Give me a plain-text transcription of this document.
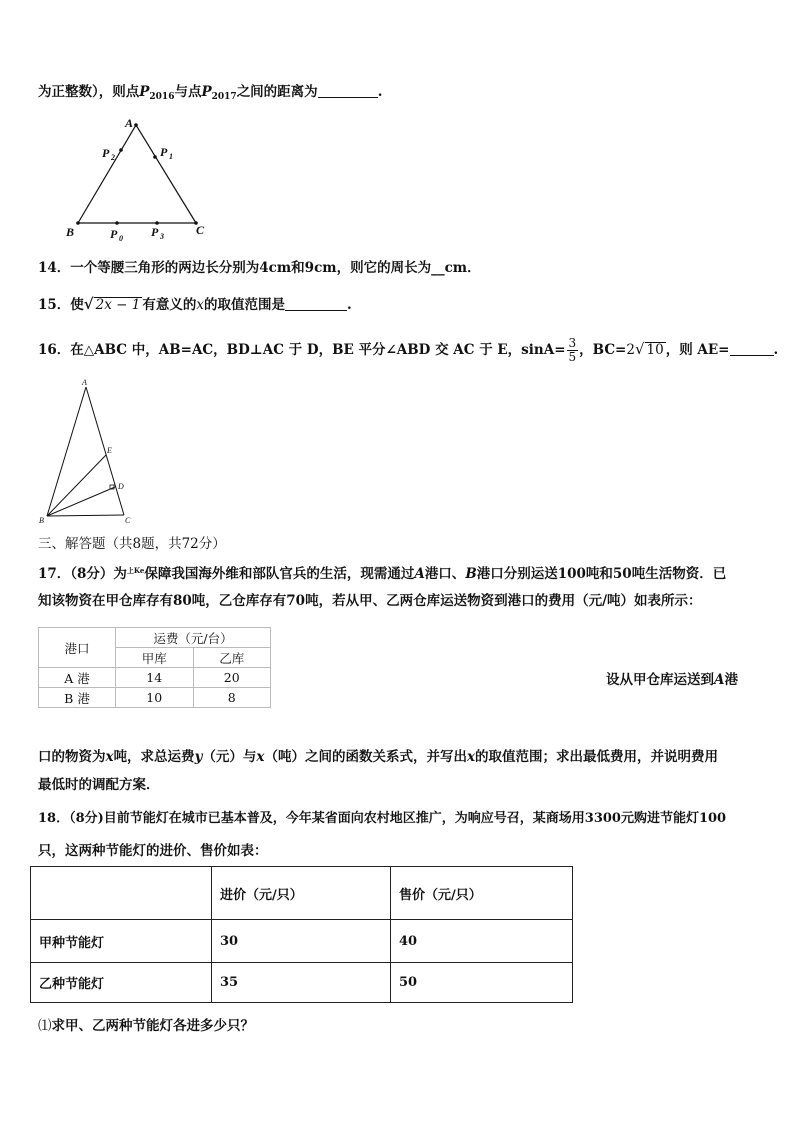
为正整数），则点$P_{2016}$与点$P_{2017}$之间的距离为	.
A
P 2	P 1
B	P 0 P 3	C
14．一个等腰三角形的两边长分别为4cm和9cm，则它的周长为__cm．
15．使√ 2x − 1 有意义的x的取值范围是	.
16．在△ABC 中，AB=AC，BD⊥AC 于 D，BE 平分∠ABD 交 AC 于 E，$\sin A= \frac{3}{5}$ ，BC=2√ 10 ，则 AE=	.
A
E
D
B	C
三、解答题（共8题，共72分）
17．（8分）为$^{上Ke}$保障我国海外维和部队官兵的生活，现需通过A港口、B港口分别运送100吨和50吨生活物资．已
知该物资在甲仓库存有80吨，乙仓库存有70吨，若从甲、乙两仓库运送物资到港口的费用（元/吨）如表所示：
港口	运费（元/台）	
	甲库	乙库
A 港	14	20
B 港	10	8
设从甲仓库运送到A港
口的物资为x吨，求总运费y（元）与x（吨）之间的函数关系式，并写出x的取值范围；求出最低费用，并说明费用
最低时的调配方案．
18．（8分)目前节能灯在城市已基本普及，今年某省面向农村地区推广，为响应号召，某商场用3300元购进节能灯100
只，这两种节能灯的进价、售价如表：
	进价（元/只）	售价（元/只）
甲种节能灯	30	40
乙种节能灯	35	50
⑴求甲、乙两种节能灯各进多少只？
